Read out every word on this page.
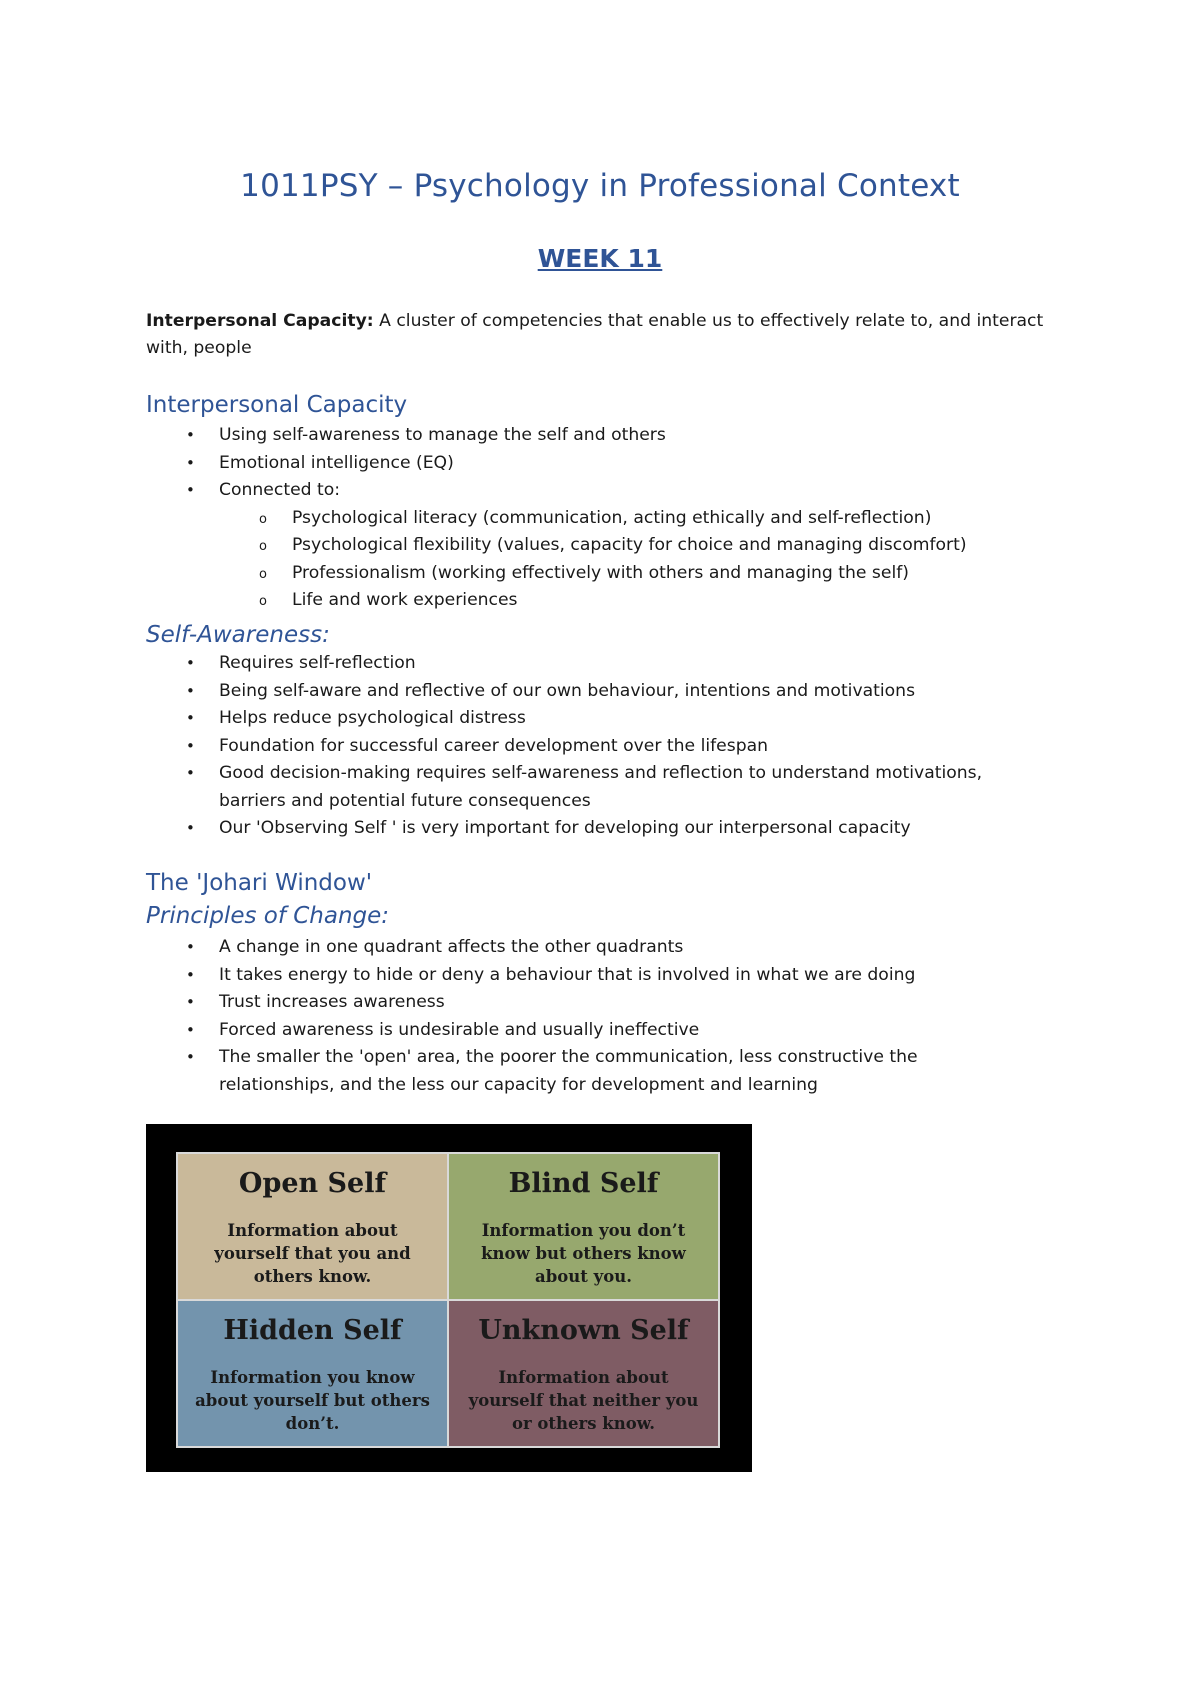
1011PSY – Psychology in Professional Context
WEEK 11
Interpersonal Capacity: A cluster of competencies that enable us to effectively relate to, and interact with, people
Interpersonal Capacity
• Using self-awareness to manage the self and others
• Emotional intelligence (EQ)
• Connected to:
o Psychological literacy (communication, acting ethically and self-reflection)
o Psychological flexibility (values, capacity for choice and managing discomfort)
o Professionalism (working effectively with others and managing the self)
o Life and work experiences
Self-Awareness:
• Requires self-reflection
• Being self-aware and reflective of our own behaviour, intentions and motivations
• Helps reduce psychological distress
• Foundation for successful career development over the lifespan
• Good decision-making requires self-awareness and reflection to understand motivations, barriers and potential future consequences
• Our 'Observing Self ' is very important for developing our interpersonal capacity
The 'Johari Window'
Principles of Change:
• A change in one quadrant affects the other quadrants
• It takes energy to hide or deny a behaviour that is involved in what we are doing
• Trust increases awareness
• Forced awareness is undesirable and usually ineffective
• The smaller the 'open' area, the poorer the communication, less constructive the relationships, and the less our capacity for development and learning
Open Self
Information about yourself that you and others know.
Blind Self
Information you don’t know but others know about you.
Hidden Self
Information you know about yourself but others don’t.
Unknown Self
Information about yourself that neither you or others know.
